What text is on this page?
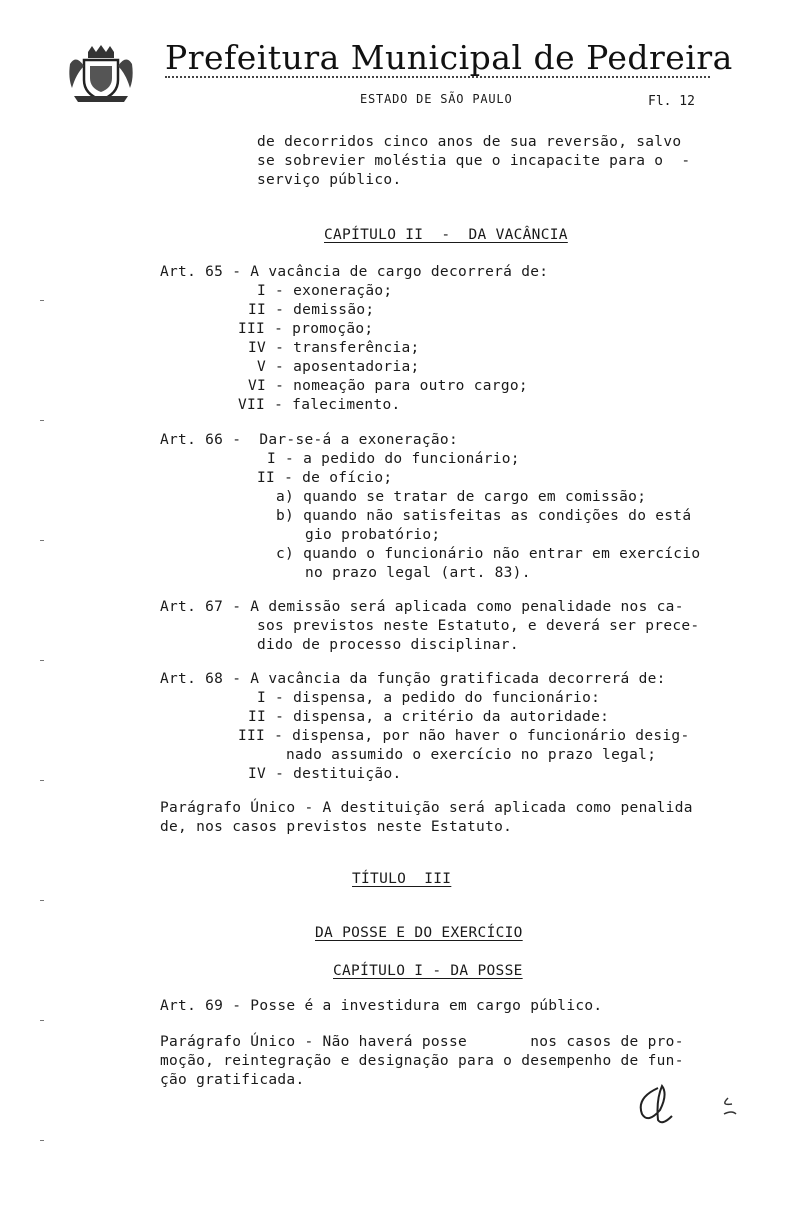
Prefeitura Municipal de Pedreira
ESTADO DE SÃO PAULO	Fl. 12
de decorridos cinco anos de sua reversão, salvo
se sobrevier moléstia que o incapacite para o  -
serviço público.
CAPÍTULO II  -  DA VACÂNCIA
Art. 65 - A vacância de cargo decorrerá de:
I - exoneração;
II - demissão;
III - promoção;
IV - transferência;
V - aposentadoria;
VI - nomeação para outro cargo;
VII - falecimento.
Art. 66 -  Dar-se-á a exoneração:
I - a pedido do funcionário;
II - de ofício;
a) quando se tratar de cargo em comissão;
b) quando não satisfeitas as condições do está
gio probatório;
c) quando o funcionário não entrar em exercício
no prazo legal (art. 83).
Art. 67 - A demissão será aplicada como penalidade nos ca-
sos previstos neste Estatuto, e deverá ser prece-
dido de processo disciplinar.
Art. 68 - A vacância da função gratificada decorrerá de:
I - dispensa, a pedido do funcionário:
II - dispensa, a critério da autoridade:
III - dispensa, por não haver o funcionário desig-
nado assumido o exercício no prazo legal;
IV - destituição.
Parágrafo Único - A destituição será aplicada como penalida
de, nos casos previstos neste Estatuto.
TÍTULO  III
DA POSSE E DO EXERCÍCIO
CAPÍTULO I - DA POSSE
Art. 69 - Posse é a investidura em cargo público.
Parágrafo Único - Não haverá posse       nos casos de pro-
moção, reintegração e designação para o desempenho de fun-
ção gratificada.
